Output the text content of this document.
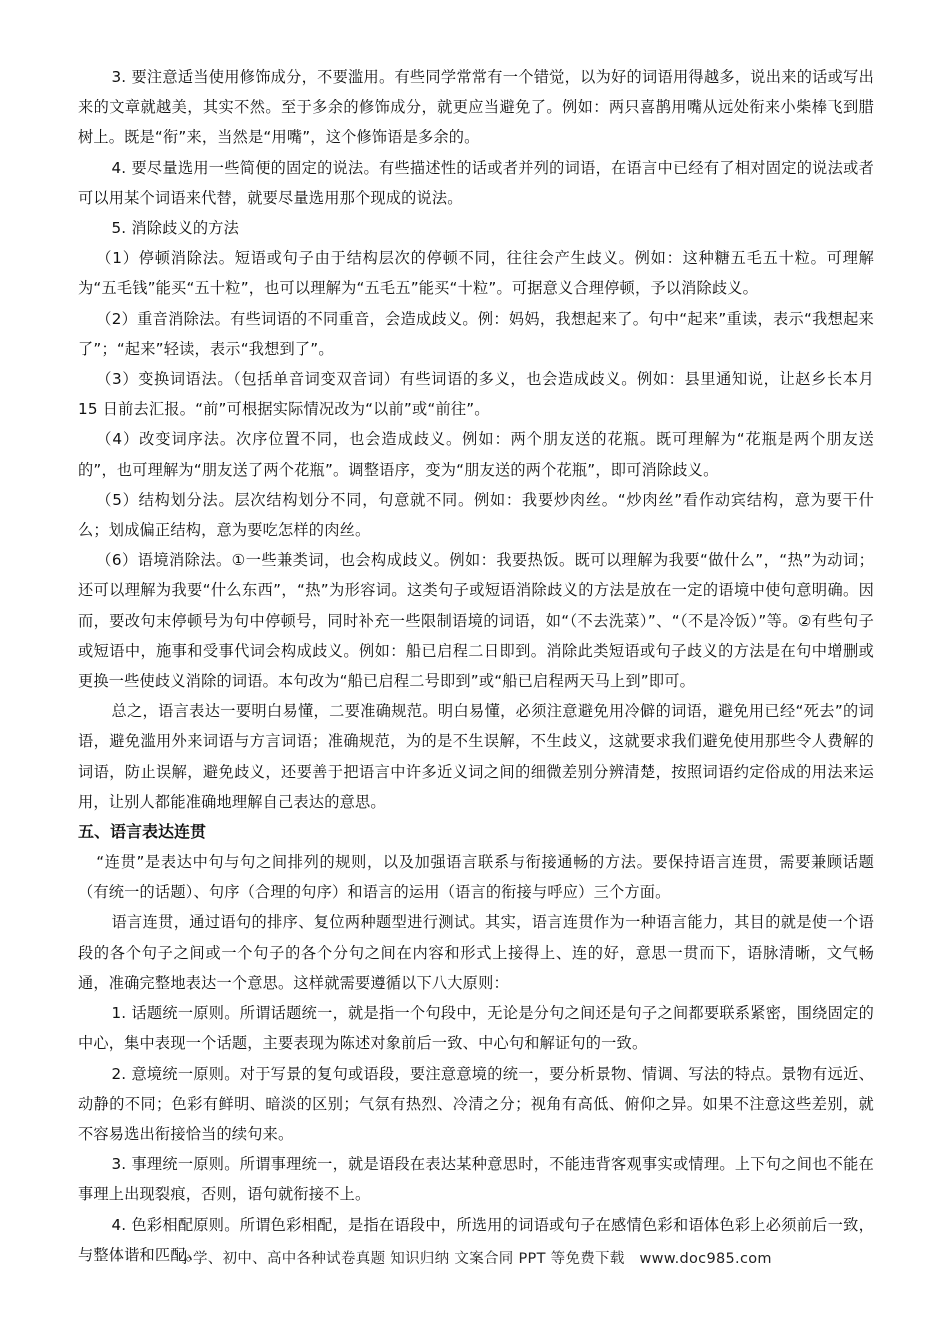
3. 要注意适当使用修饰成分，不要滥用。有些同学常常有一个错觉，以为好的词语用得越多，说出来的话或写出来的文章就越美，其实不然。至于多余的修饰成分，就更应当避免了。例如：两只喜鹊用嘴从远处衔来小柴棒飞到腊树上。既是“衔”来，当然是“用嘴”，这个修饰语是多余的。

4. 要尽量选用一些简便的固定的说法。有些描述性的话或者并列的词语，在语言中已经有了相对固定的说法或者可以用某个词语来代替，就要尽量选用那个现成的说法。

5. 消除歧义的方法

（1）停顿消除法。短语或句子由于结构层次的停顿不同，往往会产生歧义。例如：这种糖五毛五十粒。可理解为“五毛钱”能买“五十粒”，也可以理解为“五毛五”能买“十粒”。可据意义合理停顿，予以消除歧义。

（2）重音消除法。有些词语的不同重音，会造成歧义。例：妈妈，我想起来了。句中“起来”重读，表示“我想起来了”；“起来”轻读，表示“我想到了”。

（3）变换词语法。（包括单音词变双音词）有些词语的多义，也会造成歧义。例如：县里通知说，让赵乡长本月 15 日前去汇报。“前”可根据实际情况改为“以前”或“前往”。

（4）改变词序法。次序位置不同，也会造成歧义。例如：两个朋友送的花瓶。既可理解为“花瓶是两个朋友送的”，也可理解为“朋友送了两个花瓶”。调整语序，变为“朋友送的两个花瓶”，即可消除歧义。

（5）结构划分法。层次结构划分不同，句意就不同。例如：我要炒肉丝。“炒肉丝”看作动宾结构，意为要干什么；划成偏正结构，意为要吃怎样的肉丝。

（6）语境消除法。①一些兼类词，也会构成歧义。例如：我要热饭。既可以理解为我要“做什么”，“热”为动词；还可以理解为我要“什么东西”，“热”为形容词。这类句子或短语消除歧义的方法是放在一定的语境中使句意明确。因而，要改句末停顿号为句中停顿号，同时补充一些限制语境的词语，如“（不去洗菜）”、“（不是冷饭）”等。②有些句子或短语中，施事和受事代词会构成歧义。例如：船已启程二日即到。消除此类短语或句子歧义的方法是在句中增删或更换一些使歧义消除的词语。本句改为“船已启程二号即到”或“船已启程两天马上到”即可。

总之，语言表达一要明白易懂，二要准确规范。明白易懂，必须注意避免用冷僻的词语，避免用已经“死去”的词语，避免滥用外来词语与方言词语；准确规范，为的是不生误解，不生歧义，这就要求我们避免使用那些令人费解的词语，防止误解，避免歧义，还要善于把语言中许多近义词之间的细微差别分辨清楚，按照词语约定俗成的用法来运用，让别人都能准确地理解自己表达的意思。

五、语言表达连贯

“连贯”是表达中句与句之间排列的规则，以及加强语言联系与衔接通畅的方法。要保持语言连贯，需要兼顾话题（有统一的话题）、句序（合理的句序）和语言的运用（语言的衔接与呼应）三个方面。

语言连贯，通过语句的排序、复位两种题型进行测试。其实，语言连贯作为一种语言能力，其目的就是使一个语段的各个句子之间或一个句子的各个分句之间在内容和形式上接得上、连的好，意思一贯而下，语脉清晰，文气畅通，准确完整地表达一个意思。这样就需要遵循以下八大原则：

1. 话题统一原则。所谓话题统一，就是指一个句段中，无论是分句之间还是句子之间都要联系紧密，围绕固定的中心，集中表现一个话题，主要表现为陈述对象前后一致、中心句和解证句的一致。

2. 意境统一原则。对于写景的复句或语段，要注意意境的统一，要分析景物、情调、写法的特点。景物有远近、动静的不同；色彩有鲜明、暗淡的区别；气氛有热烈、冷清之分；视角有高低、俯仰之异。如果不注意这些差别，就不容易选出衔接恰当的续句来。

3. 事理统一原则。所谓事理统一，就是语段在表达某种意思时，不能违背客观事实或情理。上下句之间也不能在事理上出现裂痕，否则，语句就衔接不上。

4. 色彩相配原则。所谓色彩相配，是指在语段中，所选用的词语或句子在感情色彩和语体色彩上必须前后一致，与整体谐和匹配。

小学、初中、高中各种试卷真题 知识归纳 文案合同 PPT 等免费下载　www.doc985.com
